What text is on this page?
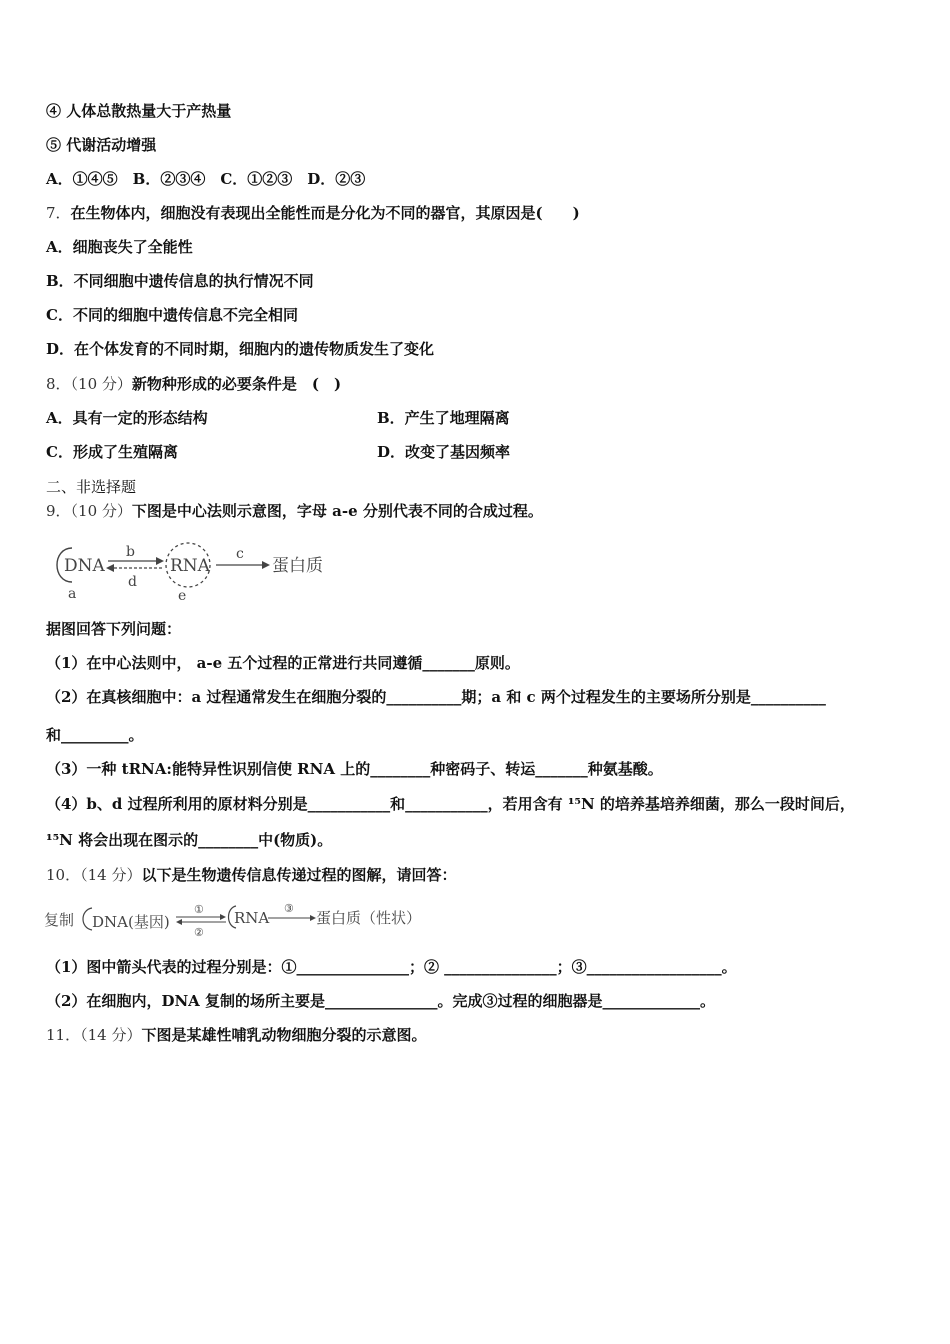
④ 人体总散热量大于产热量
⑤ 代谢活动增强
A．①④⑤　B．②③④　C．①②③　D．②③
7．在生物体内，细胞没有表现出全能性而是分化为不同的器官，其原因是(　　)
A．细胞丧失了全能性
B．不同细胞中遗传信息的执行情况不同
C．不同的细胞中遗传信息不完全相同
D．在个体发育的不同时期，细胞内的遗传物质发生了变化
8．（10 分）新物种形成的必要条件是　(　)
A．具有一定的形态结构	B．产生了地理隔离
C．形成了生殖隔离	D．改变了基因频率
二、非选择题
9．（10 分）下图是中心法则示意图，字母 a-e 分别代表不同的合成过程。
DNA
a
b
d
RNA
e
c
蛋白质
据图回答下列问题：
（1）在中心法则中， a-e 五个过程的正常进行共同遵循_______原则。
（2）在真核细胞中：a 过程通常发生在细胞分裂的__________期；a 和 c 两个过程发生的主要场所分别是__________
和_________。
（3）一种 tRNA:能特异性识别信使 RNA 上的________种密码子、转运_______种氨基酸。
（4）b、d 过程所利用的原材料分别是___________和___________，若用含有 ¹⁵N 的培养基培养细菌，那么一段时间后，
¹⁵N 将会出现在图示的________中(物质)。
10．（14 分）以下是生物遗传信息传递过程的图解，请回答：
复制 DNA(基因)
①
②
RNA
③
蛋白质（性状）
（1）图中箭头代表的过程分别是：①_______________；② _______________；③__________________。
（2）在细胞内，DNA 复制的场所主要是_______________。完成③过程的细胞器是_____________。
11．（14 分）下图是某雄性哺乳动物细胞分裂的示意图。
